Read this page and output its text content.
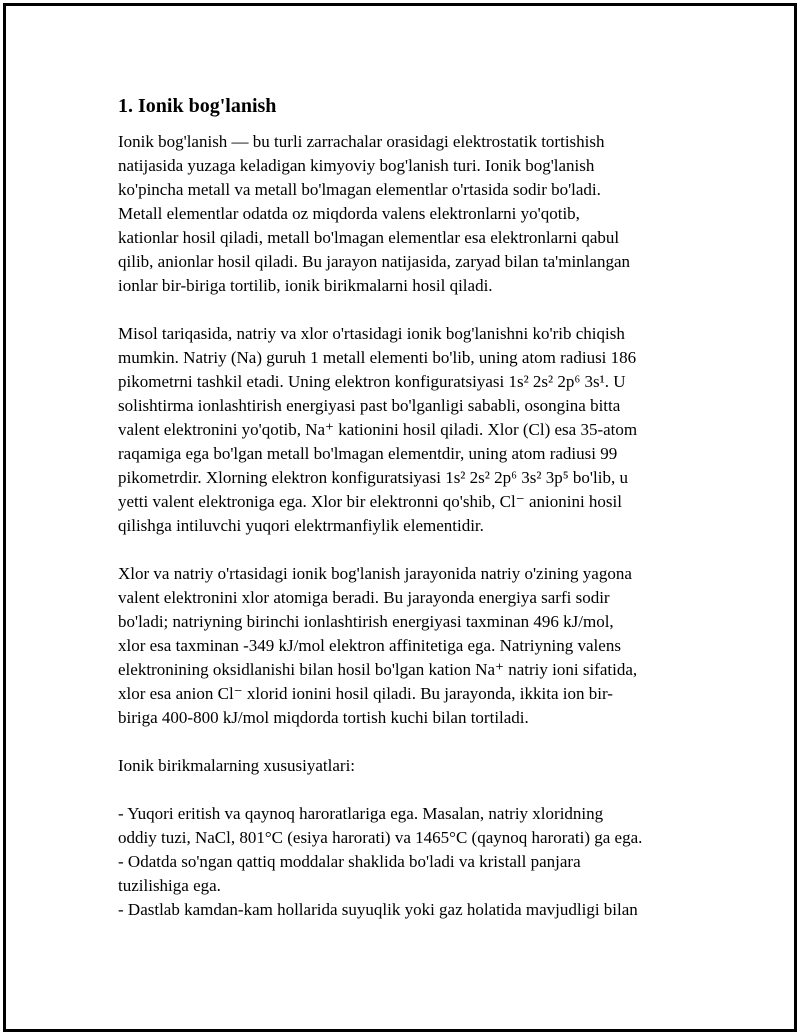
1. Ionik bog'lanish
Ionik bog'lanish — bu turli zarrachalar orasidagi elektrostatik tortishish
natijasida yuzaga keladigan kimyoviy bog'lanish turi. Ionik bog'lanish
ko'pincha metall va metall bo'lmagan elementlar o'rtasida sodir bo'ladi.
Metall elementlar odatda oz miqdorda valens elektronlarni yo'qotib,
kationlar hosil qiladi, metall bo'lmagan elementlar esa elektronlarni qabul
qilib, anionlar hosil qiladi. Bu jarayon natijasida, zaryad bilan ta'minlangan
ionlar bir-biriga tortilib, ionik birikmalarni hosil qiladi.
Misol tariqasida, natriy va xlor o'rtasidagi ionik bog'lanishni ko'rib chiqish
mumkin. Natriy (Na) guruh 1 metall elementi bo'lib, uning atom radiusi 186
pikometrni tashkil etadi. Uning elektron konfiguratsiyasi 1s² 2s² 2p⁶ 3s¹. U
solishtirma ionlashtirish energiyasi past bo'lganligi sababli, osongina bitta
valent elektronini yo'qotib, Na⁺ kationini hosil qiladi. Xlor (Cl) esa 35-atom
raqamiga ega bo'lgan metall bo'lmagan elementdir, uning atom radiusi 99
pikometrdir. Xlorning elektron konfiguratsiyasi 1s² 2s² 2p⁶ 3s² 3p⁵ bo'lib, u
yetti valent elektroniga ega. Xlor bir elektronni qo'shib, Cl⁻ anionini hosil
qilishga intiluvchi yuqori elektrmanfiylik elementidir.
Xlor va natriy o'rtasidagi ionik bog'lanish jarayonida natriy o'zining yagona
valent elektronini xlor atomiga beradi. Bu jarayonda energiya sarfi sodir
bo'ladi; natriyning birinchi ionlashtirish energiyasi taxminan 496 kJ/mol,
xlor esa taxminan -349 kJ/mol elektron affinitetiga ega. Natriyning valens
elektronining oksidlanishi bilan hosil bo'lgan kation Na⁺ natriy ioni sifatida,
xlor esa anion Cl⁻ xlorid ionini hosil qiladi. Bu jarayonda, ikkita ion bir-
biriga 400-800 kJ/mol miqdorda tortish kuchi bilan tortiladi.
Ionik birikmalarning xususiyatlari:
- Yuqori eritish va qaynoq haroratlariga ega. Masalan, natriy xloridning
oddiy tuzi, NaCl, 801°C (esiya harorati) va 1465°C (qaynoq harorati) ga ega.
- Odatda so'ngan qattiq moddalar shaklida bo'ladi va kristall panjara
tuzilishiga ega.
- Dastlab kamdan-kam hollarida suyuqlik yoki gaz holatida mavjudligi bilan
